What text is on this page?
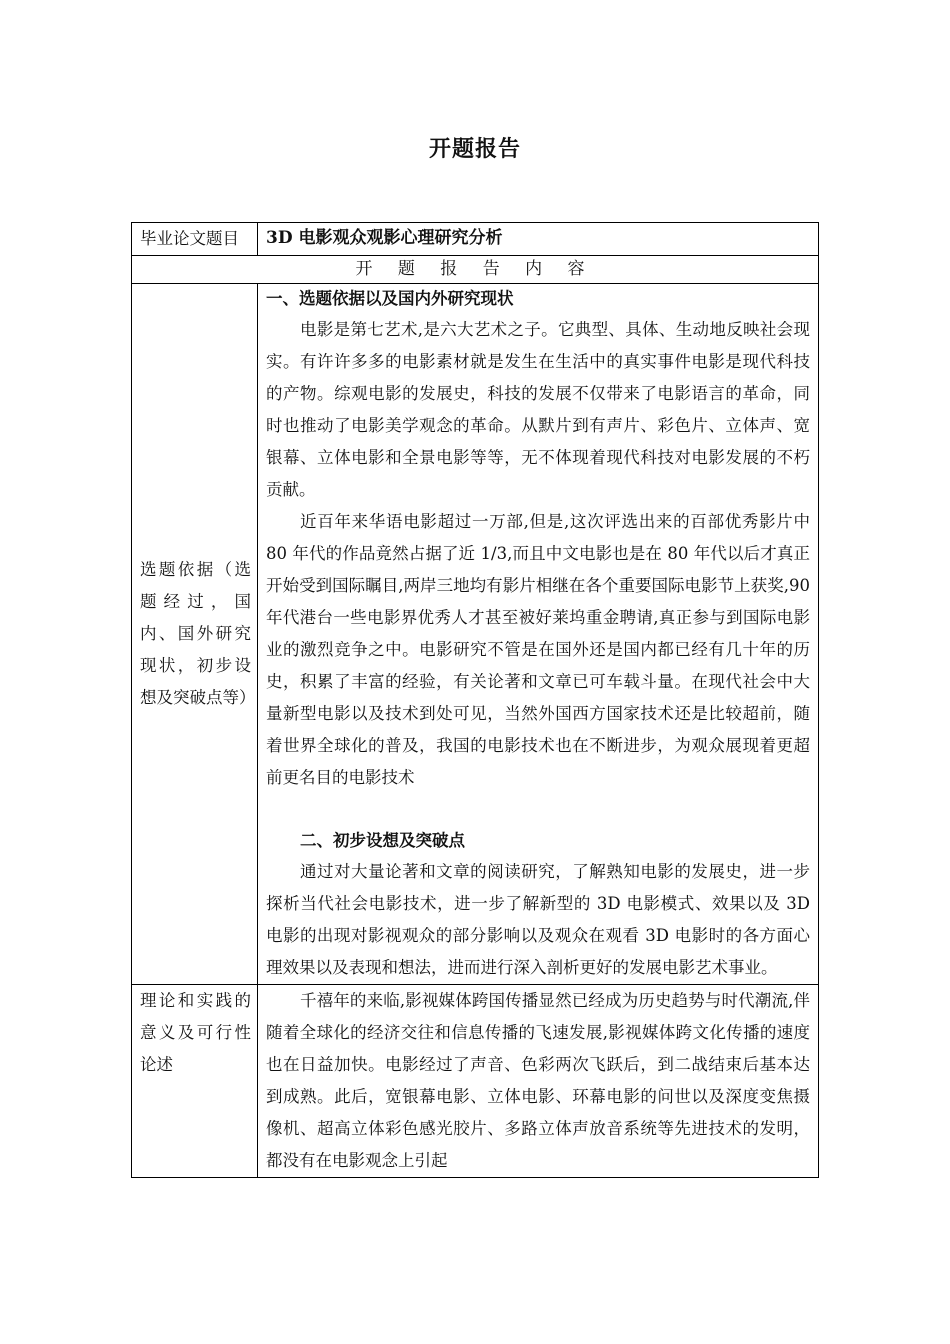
开题报告
毕业论文题目	3D 电影观众观影心理研究分析
开 题 报 告 内 容	
选题依据（选题经过，国内、国外研究现状，初步设想及突破点等）	一、选题依据以及国内外研究现状

电影是第七艺术,是六大艺术之子。它典型、具体、生动地反映社会现实。有许许多多的电影素材就是发生在生活中的真实事件电影是现代科技的产物。综观电影的发展史，科技的发展不仅带来了电影语言的革命，同时也推动了电影美学观念的革命。从默片到有声片、彩色片、立体声、宽银幕、立体电影和全景电影等等，无不体现着现代科技对电影发展的不朽贡献。

近百年来华语电影超过一万部,但是,这次评选出来的百部优秀影片中 80 年代的作品竟然占据了近 1/3,而且中文电影也是在 80 年代以后才真正开始受到国际瞩目,两岸三地均有影片相继在各个重要国际电影节上获奖,90 年代港台一些电影界优秀人才甚至被好莱坞重金聘请,真正参与到国际电影业的激烈竞争之中。电影研究不管是在国外还是国内都已经有几十年的历史，积累了丰富的经验，有关论著和文章已可车载斗量。在现代社会中大量新型电影以及技术到处可见，当然外国西方国家技术还是比较超前，随着世界全球化的普及，我国的电影技术也在不断进步，为观众展现着更超前更名目的电影技术

二、初步设想及突破点

通过对大量论著和文章的阅读研究，了解熟知电影的发展史，进一步探析当代社会电影技术，进一步了解新型的 3D 电影模式、效果以及 3D 电影的出现对影视观众的部分影响以及观众在观看 3D 电影时的各方面心理效果以及表现和想法，进而进行深入剖析更好的发展电影艺术事业。

理论和实践的意义及可行性论述	千禧年的来临,影视媒体跨国传播显然已经成为历史趋势与时代潮流,伴随着全球化的经济交往和信息传播的飞速发展,影视媒体跨文化传播的速度也在日益加快。电影经过了声音、色彩两次飞跃后，到二战结束后基本达到成熟。此后，宽银幕电影、立体电影、环幕电影的问世以及深度变焦摄像机、超高立体彩色感光胶片、多路立体声放音系统等先进技术的发明，都没有在电影观念上引起
